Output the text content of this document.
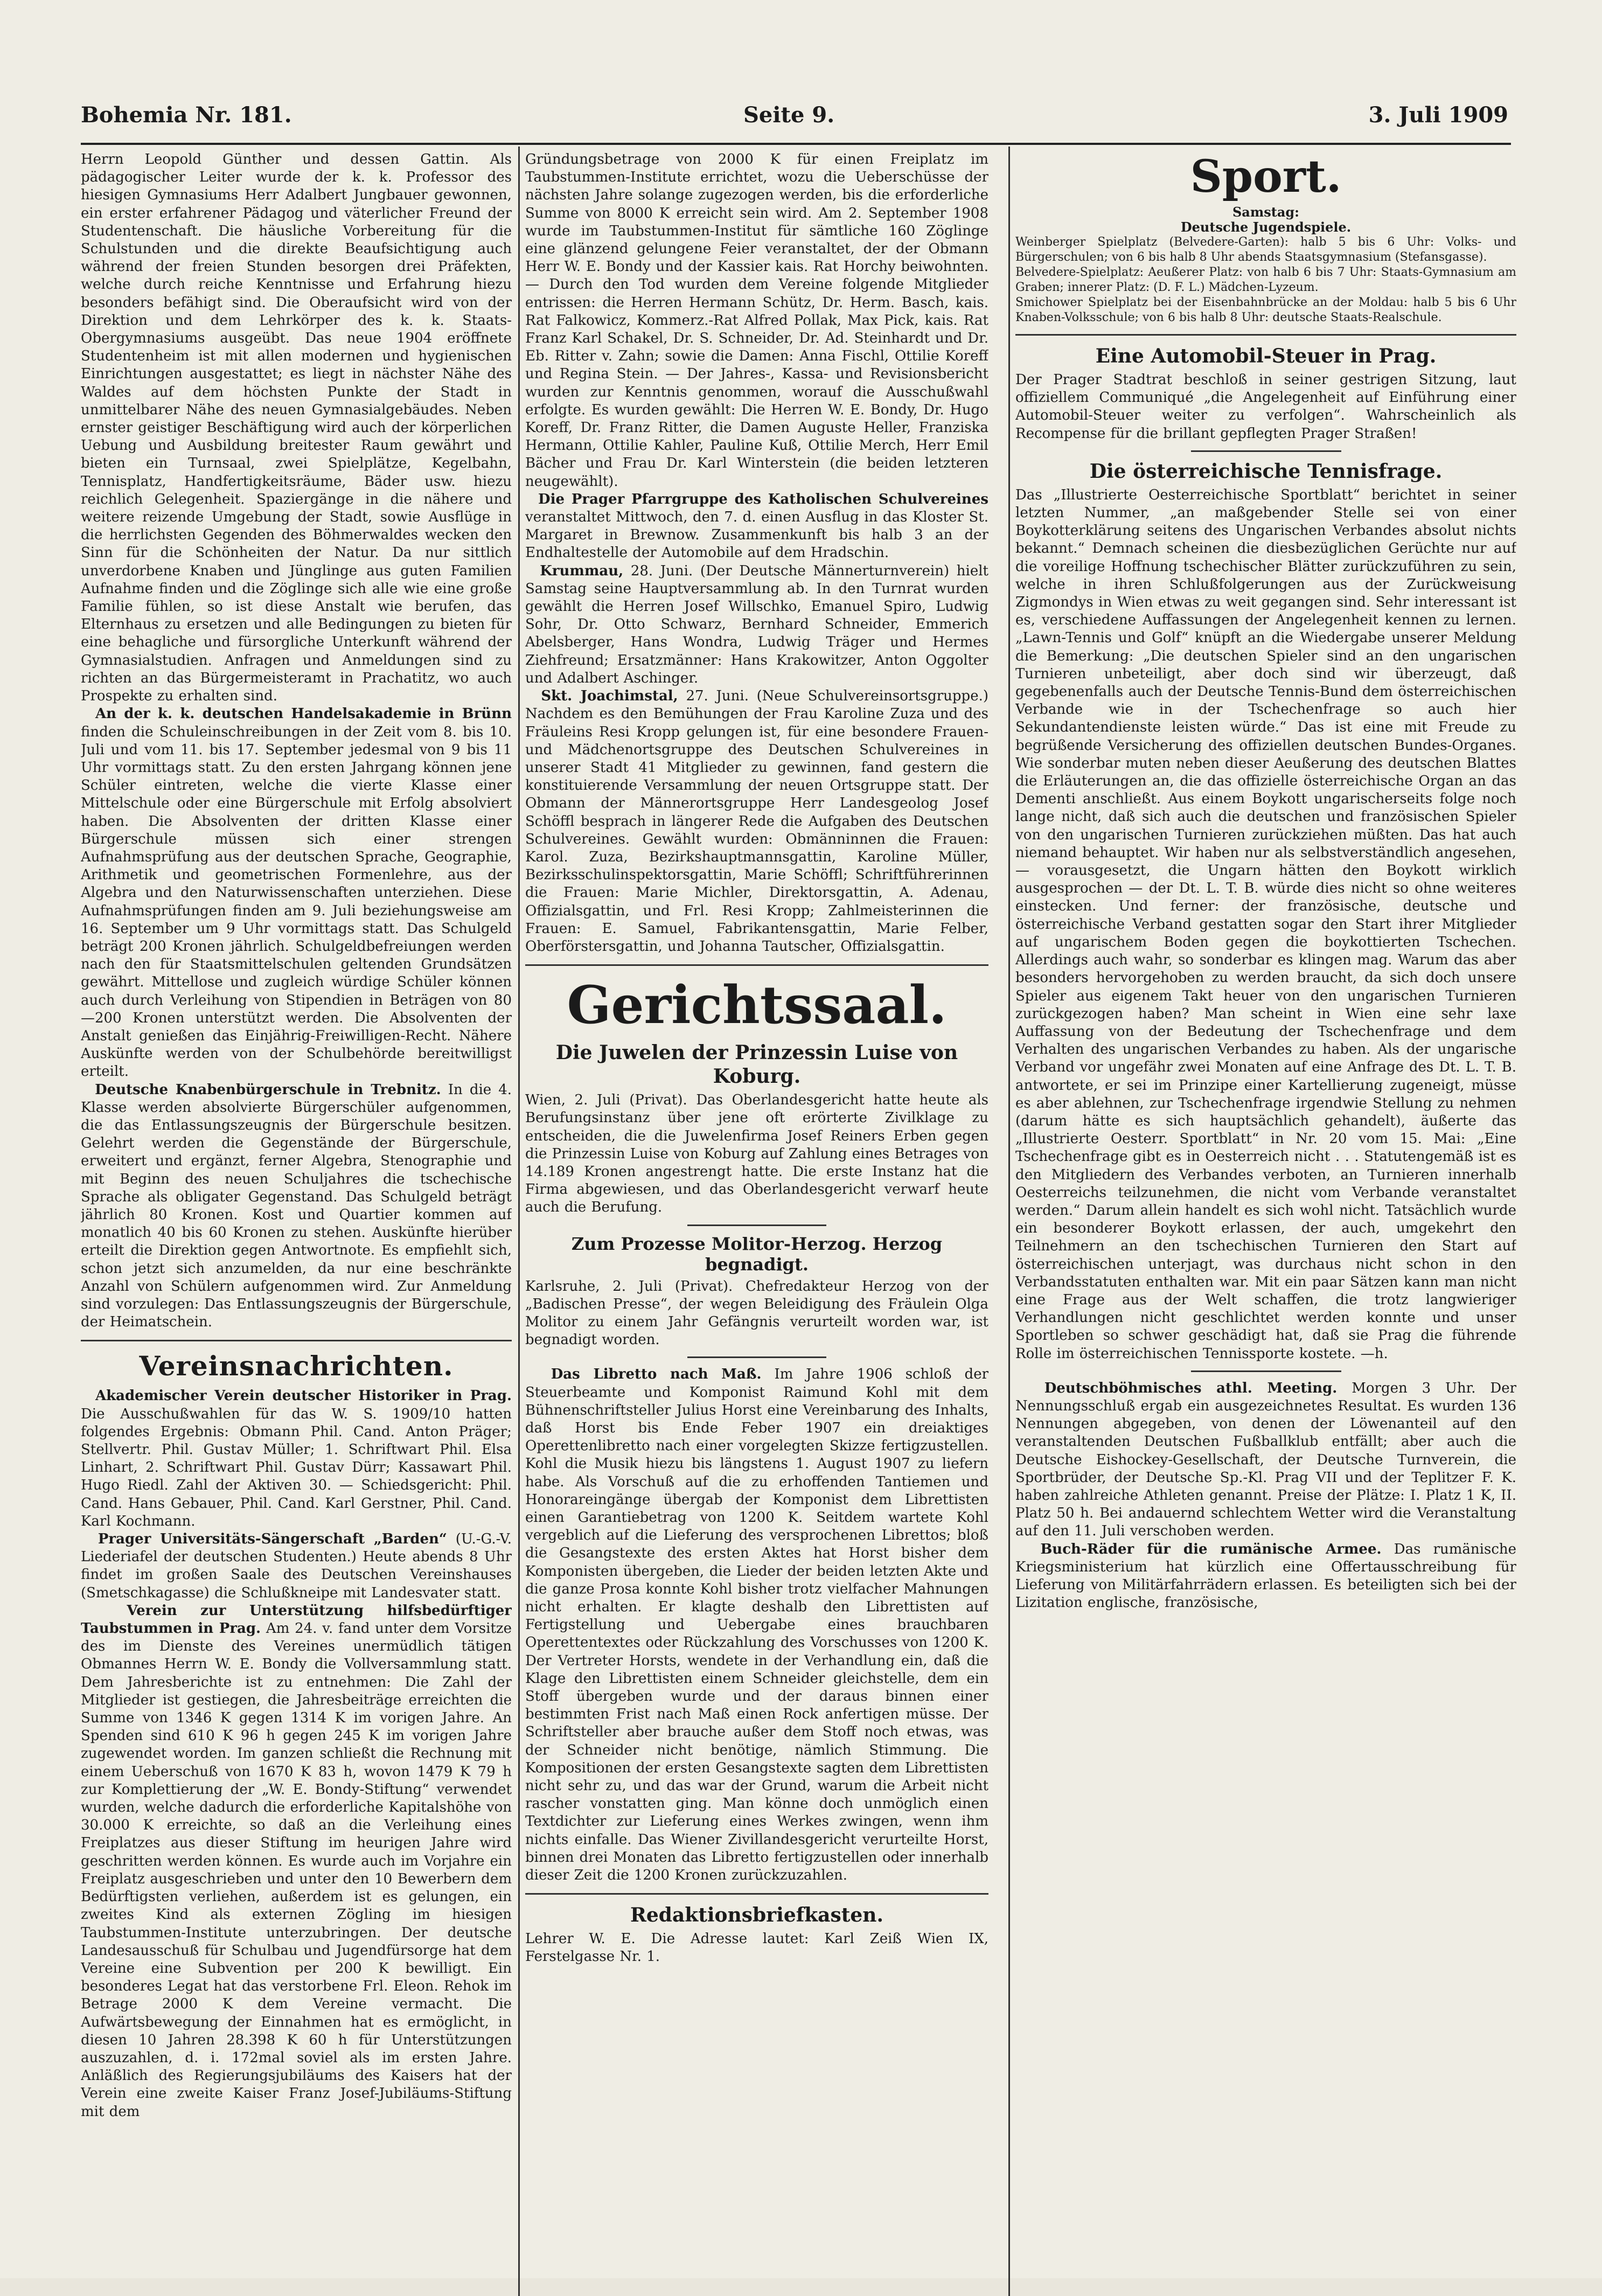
Bohemia Nr. 181.	Seite 9.	3. Juli 1909

Herrn Leopold Günther und dessen Gattin. Als pädagogischer Leiter wurde der k. k. Professor des hiesigen Gymnasiums Herr Adalbert Jungbauer gewonnen, ein erster erfahrener Pädagog und väterlicher Freund der Studentenschaft. Die häusliche Vorbereitung für die Schulstunden und die direkte Beaufsichtigung auch während der freien Stunden besorgen drei Präfekten, welche durch reiche Kenntnisse und Erfahrung hiezu besonders befähigt sind. Die Oberaufsicht wird von der Direktion und dem Lehrkörper des k. k. Staats-Obergymnasiums ausgeübt. Das neue 1904 eröffnete Studentenheim ist mit allen modernen und hygienischen Einrichtungen ausgestattet; es liegt in nächster Nähe des Waldes auf dem höchsten Punkte der Stadt in unmittelbarer Nähe des neuen Gymnasialgebäudes. Neben ernster geistiger Beschäftigung wird auch der körperlichen Uebung und Ausbildung breitester Raum gewährt und bieten ein Turnsaal, zwei Spielplätze, Kegelbahn, Tennisplatz, Handfertigkeitsräume, Bäder usw. hiezu reichlich Gelegenheit. Spaziergänge in die nähere und weitere reizende Umgebung der Stadt, sowie Ausflüge in die herrlichsten Gegenden des Böhmerwaldes wecken den Sinn für die Schönheiten der Natur. Da nur sittlich unverdorbene Knaben und Jünglinge aus guten Familien Aufnahme finden und die Zöglinge sich alle wie eine große Familie fühlen, so ist diese Anstalt wie berufen, das Elternhaus zu ersetzen und alle Bedingungen zu bieten für eine behagliche und fürsorgliche Unterkunft während der Gymnasialstudien. Anfragen und Anmeldungen sind zu richten an das Bürgermeisteramt in Prachatitz, wo auch Prospekte zu erhalten sind.

An der k. k. deutschen Handelsakademie in Brünn finden die Schuleinschreibungen in der Zeit vom 8. bis 10. Juli und vom 11. bis 17. September jedesmal von 9 bis 11 Uhr vormittags statt. Zu den ersten Jahrgang können jene Schüler eintreten, welche die vierte Klasse einer Mittelschule oder eine Bürgerschule mit Erfolg absolviert haben. Die Absolventen der dritten Klasse einer Bürgerschule müssen sich einer strengen Aufnahmsprüfung aus der deutschen Sprache, Geographie, Arithmetik und geometrischen Formenlehre, aus der Algebra und den Naturwissenschaften unterziehen. Diese Aufnahmsprüfungen finden am 9. Juli beziehungsweise am 16. September um 9 Uhr vormittags statt. Das Schulgeld beträgt 200 Kronen jährlich. Schulgeldbefreiungen werden nach den für Staatsmittelschulen geltenden Grundsätzen gewährt. Mittellose und zugleich würdige Schüler können auch durch Verleihung von Stipendien in Beträgen von 80—200 Kronen unterstützt werden. Die Absolventen der Anstalt genießen das Einjährig-Freiwilligen-Recht. Nähere Auskünfte werden von der Schulbehörde bereitwilligst erteilt.

Deutsche Knabenbürgerschule in Trebnitz. In die 4. Klasse werden absolvierte Bürgerschüler aufgenommen, die das Entlassungszeugnis der Bürgerschule besitzen. Gelehrt werden die Gegenstände der Bürgerschule, erweitert und ergänzt, ferner Algebra, Stenographie und mit Beginn des neuen Schuljahres die tschechische Sprache als obligater Gegenstand. Das Schulgeld beträgt jährlich 80 Kronen. Kost und Quartier kommen auf monatlich 40 bis 60 Kronen zu stehen. Auskünfte hierüber erteilt die Direktion gegen Antwortnote. Es empfiehlt sich, schon jetzt sich anzumelden, da nur eine beschränkte Anzahl von Schülern aufgenommen wird. Zur Anmeldung sind vorzulegen: Das Entlassungszeugnis der Bürgerschule, der Heimatschein.

Vereinsnachrichten.

Akademischer Verein deutscher Historiker in Prag. Die Ausschußwahlen für das W. S. 1909/10 hatten folgendes Ergebnis: Obmann Phil. Cand. Anton Präger; Stellvertr. Phil. Gustav Müller; 1. Schriftwart Phil. Elsa Linhart, 2. Schriftwart Phil. Gustav Dürr; Kassawart Phil. Hugo Riedl. Zahl der Aktiven 30. — Schiedsgericht: Phil. Cand. Hans Gebauer, Phil. Cand. Karl Gerstner, Phil. Cand. Karl Kochmann.

Prager Universitäts-Sängerschaft „Barden“ (U.-G.-V. Liederiafel der deutschen Studenten.) Heute abends 8 Uhr findet im großen Saale des Deutschen Vereinshauses (Smetschkagasse) die Schlußkneipe mit Landesvater statt.

Verein zur Unterstützung hilfsbedürftiger Taubstummen in Prag. Am 24. v. fand unter dem Vorsitze des im Dienste des Vereines unermüdlich tätigen Obmannes Herrn W. E. Bondy die Vollversammlung statt. Dem Jahresberichte ist zu entnehmen: Die Zahl der Mitglieder ist gestiegen, die Jahresbeiträge erreichten die Summe von 1346 K gegen 1314 K im vorigen Jahre. An Spenden sind 610 K 96 h gegen 245 K im vorigen Jahre zugewendet worden. Im ganzen schließt die Rechnung mit einem Ueberschuß von 1670 K 83 h, wovon 1479 K 79 h zur Komplettierung der „W. E. Bondy-Stiftung“ verwendet wurden, welche dadurch die erforderliche Kapitalshöhe von 30.000 K erreichte, so daß an die Verleihung eines Freiplatzes aus dieser Stiftung im heurigen Jahre wird geschritten werden können. Es wurde auch im Vorjahre ein Freiplatz ausgeschrieben und unter den 10 Bewerbern dem Bedürftigsten verliehen, außerdem ist es gelungen, ein zweites Kind als externen Zögling im hiesigen Taubstummen-Institute unterzubringen. Der deutsche Landesausschuß für Schulbau und Jugendfürsorge hat dem Vereine eine Subvention per 200 K bewilligt. Ein besonderes Legat hat das verstorbene Frl. Eleon. Rehok im Betrage 2000 K dem Vereine vermacht. Die Aufwärtsbewegung der Einnahmen hat es ermöglicht, in diesen 10 Jahren 28.398 K 60 h für Unterstützungen auszuzahlen, d. i. 172mal soviel als im ersten Jahre. Anläßlich des Regierungsjubiläums des Kaisers hat der Verein eine zweite Kaiser Franz Josef-Jubiläums-Stiftung mit dem

Gründungsbetrage von 2000 K für einen Freiplatz im Taubstummen-Institute errichtet, wozu die Ueberschüsse der nächsten Jahre solange zugezogen werden, bis die erforderliche Summe von 8000 K erreicht sein wird. Am 2. September 1908 wurde im Taubstummen-Institut für sämtliche 160 Zöglinge eine glänzend gelungene Feier veranstaltet, der der Obmann Herr W. E. Bondy und der Kassier kais. Rat Horchy beiwohnten. — Durch den Tod wurden dem Vereine folgende Mitglieder entrissen: die Herren Hermann Schütz, Dr. Herm. Basch, kais. Rat Falkowicz, Kommerz.-Rat Alfred Pollak, Max Pick, kais. Rat Franz Karl Schakel, Dr. S. Schneider, Dr. Ad. Steinhardt und Dr. Eb. Ritter v. Zahn; sowie die Damen: Anna Fischl, Ottilie Koreff und Regina Stein. — Der Jahres-, Kassa- und Revisionsbericht wurden zur Kenntnis genommen, worauf die Ausschußwahl erfolgte. Es wurden gewählt: Die Herren W. E. Bondy, Dr. Hugo Koreff, Dr. Franz Ritter, die Damen Auguste Heller, Franziska Hermann, Ottilie Kahler, Pauline Kuß, Ottilie Merch, Herr Emil Bächer und Frau Dr. Karl Winterstein (die beiden letzteren neugewählt).

Die Prager Pfarrgruppe des Katholischen Schulvereines veranstaltet Mittwoch, den 7. d. einen Ausflug in das Kloster St. Margaret in Brewnow. Zusammenkunft bis halb 3 an der Endhaltestelle der Automobile auf dem Hradschin.

Krummau, 28. Juni. (Der Deutsche Männerturnverein) hielt Samstag seine Hauptversammlung ab. In den Turnrat wurden gewählt die Herren Josef Willschko, Emanuel Spiro, Ludwig Sohr, Dr. Otto Schwarz, Bernhard Schneider, Emmerich Abelsberger, Hans Wondra, Ludwig Träger und Hermes Ziehfreund; Ersatzmänner: Hans Krakowitzer, Anton Oggolter und Adalbert Aschinger.

Skt. Joachimstal, 27. Juni. (Neue Schulvereinsortsgruppe.) Nachdem es den Bemühungen der Frau Karoline Zuza und des Fräuleins Resi Kropp gelungen ist, für eine besondere Frauen- und Mädchenortsgruppe des Deutschen Schulvereines in unserer Stadt 41 Mitglieder zu gewinnen, fand gestern die konstituierende Versammlung der neuen Ortsgruppe statt. Der Obmann der Männerortsgruppe Herr Landesgeolog Josef Schöffl besprach in längerer Rede die Aufgaben des Deutschen Schulvereines. Gewählt wurden: Obmänninnen die Frauen: Karol. Zuza, Bezirkshauptmannsgattin, Karoline Müller, Bezirksschulinspektorsgattin, Marie Schöffl; Schriftführerinnen die Frauen: Marie Michler, Direktorsgattin, A. Adenau, Offizialsgattin, und Frl. Resi Kropp; Zahlmeisterinnen die Frauen: E. Samuel, Fabrikantensgattin, Marie Felber, Oberförstersgattin, und Johanna Tautscher, Offizialsgattin.

Gerichtssaal.
Die Juwelen der Prinzessin Luise von Koburg.

Wien, 2. Juli (Privat). Das Oberlandesgericht hatte heute als Berufungsinstanz über jene oft erörterte Zivilklage zu entscheiden, die die Juwelenfirma Josef Reiners Erben gegen die Prinzessin Luise von Koburg auf Zahlung eines Betrages von 14.189 Kronen angestrengt hatte. Die erste Instanz hat die Firma abgewiesen, und das Oberlandesgericht verwarf heute auch die Berufung.

Zum Prozesse Molitor-Herzog. Herzog begnadigt.

Karlsruhe, 2. Juli (Privat). Chefredakteur Herzog von der „Badischen Presse“, der wegen Beleidigung des Fräulein Olga Molitor zu einem Jahr Gefängnis verurteilt worden war, ist begnadigt worden.

Das Libretto nach Maß. Im Jahre 1906 schloß der Steuerbeamte und Komponist Raimund Kohl mit dem Bühnenschriftsteller Julius Horst eine Vereinbarung des Inhalts, daß Horst bis Ende Feber 1907 ein dreiaktiges Operettenlibretto nach einer vorgelegten Skizze fertigzustellen. Kohl die Musik hiezu bis längstens 1. August 1907 zu liefern habe. Als Vorschuß auf die zu erhoffenden Tantiemen und Honorareingänge übergab der Komponist dem Librettisten einen Garantiebetrag von 1200 K. Seitdem wartete Kohl vergeblich auf die Lieferung des versprochenen Librettos; bloß die Gesangstexte des ersten Aktes hat Horst bisher dem Komponisten übergeben, die Lieder der beiden letzten Akte und die ganze Prosa konnte Kohl bisher trotz vielfacher Mahnungen nicht erhalten. Er klagte deshalb den Librettisten auf Fertigstellung und Uebergabe eines brauchbaren Operettentextes oder Rückzahlung des Vorschusses von 1200 K. Der Vertreter Horsts, wendete in der Verhandlung ein, daß die Klage den Librettisten einem Schneider gleichstelle, dem ein Stoff übergeben wurde und der daraus binnen einer bestimmten Frist nach Maß einen Rock anfertigen müsse. Der Schriftsteller aber brauche außer dem Stoff noch etwas, was der Schneider nicht benötige, nämlich Stimmung. Die Kompositionen der ersten Gesangstexte sagten dem Librettisten nicht sehr zu, und das war der Grund, warum die Arbeit nicht rascher vonstatten ging. Man könne doch unmöglich einen Textdichter zur Lieferung eines Werkes zwingen, wenn ihm nichts einfalle. Das Wiener Zivillandesgericht verurteilte Horst, binnen drei Monaten das Libretto fertigzustellen oder innerhalb dieser Zeit die 1200 Kronen zurückzuzahlen.

Redaktionsbriefkasten.

Lehrer W. E. Die Adresse lautet: Karl Zeiß Wien IX, Ferstelgasse Nr. 1.

Sport.
Samstag:
Deutsche Jugendspiele.

Weinberger Spielplatz (Belvedere-Garten): halb 5 bis 6 Uhr: Volks- und Bürgerschulen; von 6 bis halb 8 Uhr abends Staatsgymnasium (Stefansgasse).

Belvedere-Spielplatz: Aeußerer Platz: von halb 6 bis 7 Uhr: Staats-Gymnasium am Graben; innerer Platz: (D. F. L.) Mädchen-Lyzeum.

Smichower Spielplatz bei der Eisenbahnbrücke an der Moldau: halb 5 bis 6 Uhr Knaben-Volksschule; von 6 bis halb 8 Uhr: deutsche Staats-Realschule.

Eine Automobil-Steuer in Prag.

Der Prager Stadtrat beschloß in seiner gestrigen Sitzung, laut offiziellem Communiqué „die Angelegenheit auf Einführung einer Automobil-Steuer weiter zu verfolgen“. Wahrscheinlich als Recompense für die brillant gepflegten Prager Straßen!

Die österreichische Tennisfrage.

Das „Illustrierte Oesterreichische Sportblatt“ berichtet in seiner letzten Nummer, „an maßgebender Stelle sei von einer Boykotterklärung seitens des Ungarischen Verbandes absolut nichts bekannt.“ Demnach scheinen die diesbezüglichen Gerüchte nur auf die voreilige Hoffnung tschechischer Blätter zurückzuführen zu sein, welche in ihren Schlußfolgerungen aus der Zurückweisung Zigmondys in Wien etwas zu weit gegangen sind. Sehr interessant ist es, verschiedene Auffassungen der Angelegenheit kennen zu lernen. „Lawn-Tennis und Golf“ knüpft an die Wiedergabe unserer Meldung die Bemerkung: „Die deutschen Spieler sind an den ungarischen Turnieren unbeteiligt, aber doch sind wir überzeugt, daß gegebenenfalls auch der Deutsche Tennis-Bund dem österreichischen Verbande wie in der Tschechenfrage so auch hier Sekundantendienste leisten würde.“ Das ist eine mit Freude zu begrüßende Versicherung des offiziellen deutschen Bundes-Organes. Wie sonderbar muten neben dieser Aeußerung des deutschen Blattes die Erläuterungen an, die das offizielle österreichische Organ an das Dementi anschließt. Aus einem Boykott ungarischerseits folge noch lange nicht, daß sich auch die deutschen und französischen Spieler von den ungarischen Turnieren zurückziehen müßten. Das hat auch niemand behauptet. Wir haben nur als selbstverständlich angesehen, — vorausgesetzt, die Ungarn hätten den Boykott wirklich ausgesprochen — der Dt. L. T. B. würde dies nicht so ohne weiteres einstecken. Und ferner: der französische, deutsche und österreichische Verband gestatten sogar den Start ihrer Mitglieder auf ungarischem Boden gegen die boykottierten Tschechen. Allerdings auch wahr, so sonderbar es klingen mag. Warum das aber besonders hervorgehoben zu werden braucht, da sich doch unsere Spieler aus eigenem Takt heuer von den ungarischen Turnieren zurückgezogen haben? Man scheint in Wien eine sehr laxe Auffassung von der Bedeutung der Tschechenfrage und dem Verhalten des ungarischen Verbandes zu haben. Als der ungarische Verband vor ungefähr zwei Monaten auf eine Anfrage des Dt. L. T. B. antwortete, er sei im Prinzipe einer Kartellierung zugeneigt, müsse es aber ablehnen, zur Tschechenfrage irgendwie Stellung zu nehmen (darum hätte es sich hauptsächlich gehandelt), äußerte das „Illustrierte Oesterr. Sportblatt“ in Nr. 20 vom 15. Mai: „Eine Tschechenfrage gibt es in Oesterreich nicht . . . Statutengemäß ist es den Mitgliedern des Verbandes verboten, an Turnieren innerhalb Oesterreichs teilzunehmen, die nicht vom Verbande veranstaltet werden.“ Darum allein handelt es sich wohl nicht. Tatsächlich wurde ein besonderer Boykott erlassen, der auch, umgekehrt den Teilnehmern an den tschechischen Turnieren den Start auf österreichischen unterjagt, was durchaus nicht schon in den Verbandsstatuten enthalten war. Mit ein paar Sätzen kann man nicht eine Frage aus der Welt schaffen, die trotz langwieriger Verhandlungen nicht geschlichtet werden konnte und unser Sportleben so schwer geschädigt hat, daß sie Prag die führende Rolle im österreichischen Tennissporte kostete. —h.

Deutschböhmisches athl. Meeting. Morgen 3 Uhr. Der Nennungsschluß ergab ein ausgezeichnetes Resultat. Es wurden 136 Nennungen abgegeben, von denen der Löwenanteil auf den veranstaltenden Deutschen Fußballklub entfällt; aber auch die Deutsche Eishockey-Gesellschaft, der Deutsche Turnverein, die Sportbrüder, der Deutsche Sp.-Kl. Prag VII und der Teplitzer F. K. haben zahlreiche Athleten genannt. Preise der Plätze: I. Platz 1 K, II. Platz 50 h. Bei andauernd schlechtem Wetter wird die Veranstaltung auf den 11. Juli verschoben werden.

Buch-Räder für die rumänische Armee. Das rumänische Kriegsministerium hat kürzlich eine Offertausschreibung für Lieferung von Militärfahrrädern erlassen. Es beteiligten sich bei der Lizitation englische, französische,
